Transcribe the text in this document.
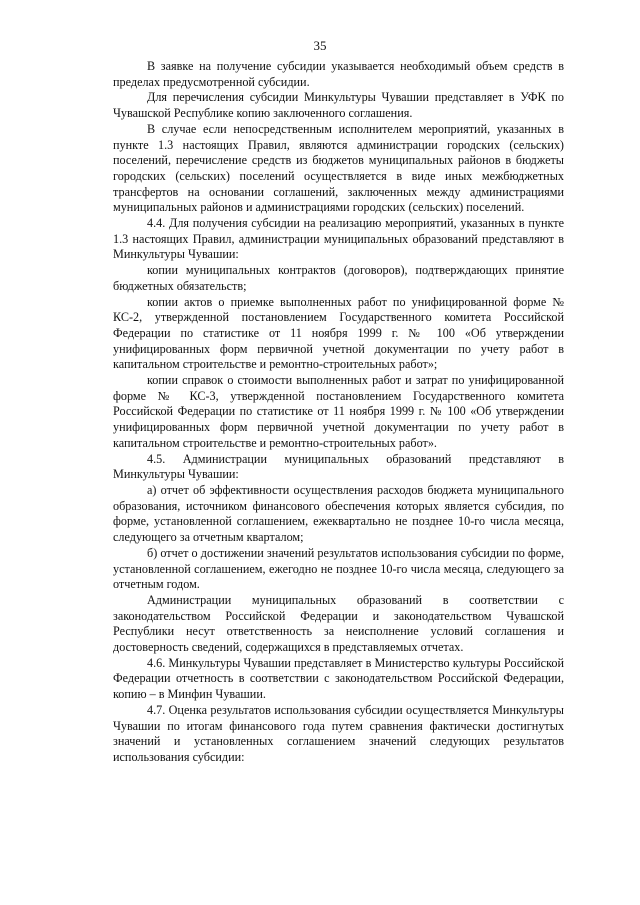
35

В заявке на получение субсидии указывается необходимый объем средств в пределах предусмотренной субсидии.

Для перечисления субсидии Минкультуры Чувашии представляет в УФК по Чувашской Республике копию заключенного соглашения.

В случае если непосредственным исполнителем мероприятий, указанных в пункте 1.3 настоящих Правил, являются администрации городских (сельских) поселений, перечисление средств из бюджетов муниципальных районов в бюджеты городских (сельских) поселений осуществляется в виде иных межбюджетных трансфертов на основании соглашений, заключенных между администрациями муниципальных районов и администрациями городских (сельских) поселений.

4.4. Для получения субсидии на реализацию мероприятий, указанных в пункте 1.3 настоящих Правил, администрации муниципальных образований представляют в Минкультуры Чувашии:

копии муниципальных контрактов (договоров), подтверждающих принятие бюджетных обязательств;

копии актов о приемке выполненных работ по унифицированной форме № КС-2, утвержденной постановлением Государственного комитета Российской Федерации по статистике от 11 ноября 1999 г. № 100 «Об утверждении унифицированных форм первичной учетной документации по учету работ в капитальном строительстве и ремонтно-строительных работ»;

копии справок о стоимости выполненных работ и затрат по унифицированной форме № КС-3, утвержденной постановлением Государственного комитета Российской Федерации по статистике от 11 ноября 1999 г. № 100 «Об утверждении унифицированных форм первичной учетной документации по учету работ в капитальном строительстве и ремонтно-строительных работ».

4.5. Администрации муниципальных образований представляют в Минкультуры Чувашии:

а) отчет об эффективности осуществления расходов бюджета муниципального образования, источником финансового обеспечения которых является субсидия, по форме, установленной соглашением, ежеквартально не позднее 10-го числа месяца, следующего за отчетным кварталом;

б) отчет о достижении значений результатов использования субсидии по форме, установленной соглашением, ежегодно не позднее 10-го числа месяца, следующего за отчетным годом.

Администрации муниципальных образований в соответствии с законодательством Российской Федерации и законодательством Чувашской Республики несут ответственность за неисполнение условий соглашения и достоверность сведений, содержащихся в представляемых отчетах.

4.6. Минкультуры Чувашии представляет в Министерство культуры Российской Федерации отчетность в соответствии с законодательством Российской Федерации, копию – в Минфин Чувашии.

4.7. Оценка результатов использования субсидии осуществляется Минкультуры Чувашии по итогам финансового года путем сравнения фактически достигнутых значений и установленных соглашением значений следующих результатов использования субсидии:
